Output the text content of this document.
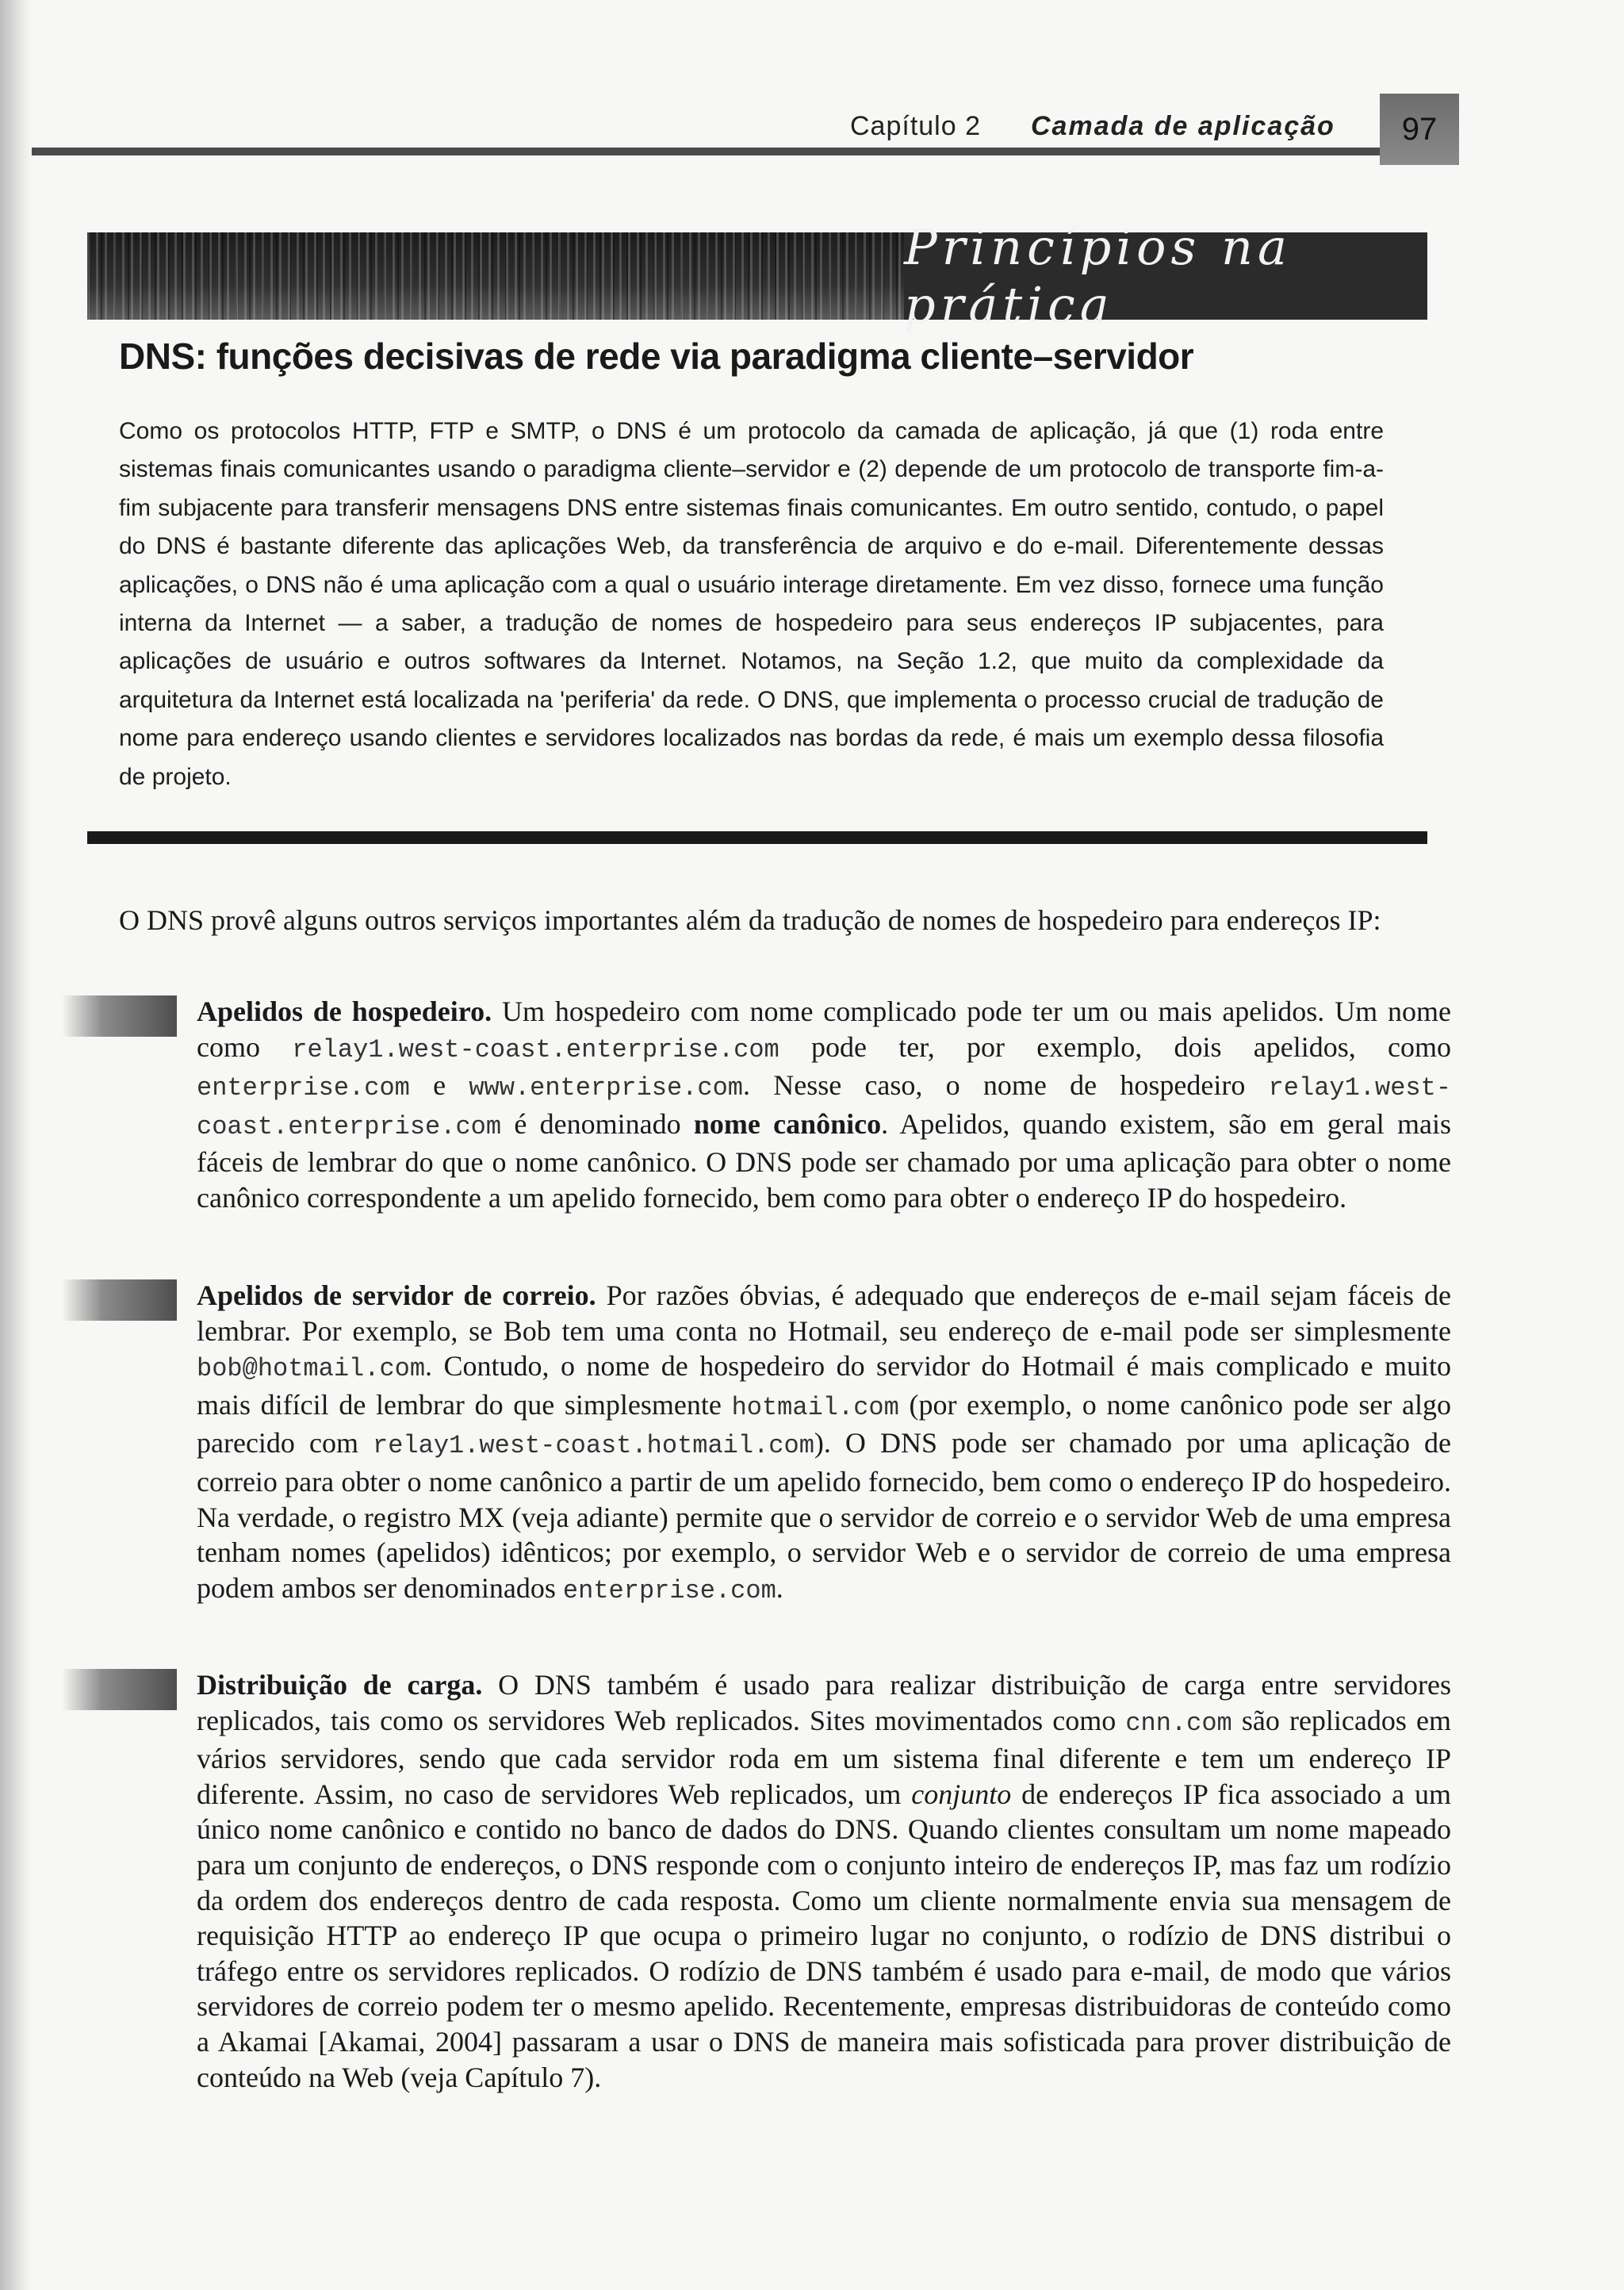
Capítulo 2 Camada de aplicação	97
Princípios na prática
DNS: funções decisivas de rede via paradigma cliente–servidor

Como os protocolos HTTP, FTP e SMTP, o DNS é um protocolo da camada de aplicação, já que (1) roda entre sistemas finais comunicantes usando o paradigma cliente–servidor e (2) depende de um protocolo de transporte fim-a-fim subjacente para transferir mensagens DNS entre sistemas finais comunicantes. Em outro sentido, contudo, o papel do DNS é bastante diferente das aplicações Web, da transferência de arquivo e do e-mail. Diferentemente dessas aplicações, o DNS não é uma aplicação com a qual o usuário interage diretamente. Em vez disso, fornece uma função interna da Internet — a saber, a tradução de nomes de hospedeiro para seus endereços IP subjacentes, para aplicações de usuário e outros softwares da Internet. Notamos, na Seção 1.2, que muito da complexidade da arquitetura da Internet está localizada na 'periferia' da rede. O DNS, que implementa o processo crucial de tradução de nome para endereço usando clientes e servidores localizados nas bordas da rede, é mais um exemplo dessa filosofia de projeto.

O DNS provê alguns outros serviços importantes além da tradução de nomes de hospedeiro para endereços IP:

Apelidos de hospedeiro. Um hospedeiro com nome complicado pode ter um ou mais apelidos. Um nome como relay1.west-coast.enterprise.com pode ter, por exemplo, dois apelidos, como enterprise.com e www.enterprise.com. Nesse caso, o nome de hospedeiro relay1.west-coast.enterprise.com é denominado nome canônico. Apelidos, quando existem, são em geral mais fáceis de lembrar do que o nome canônico. O DNS pode ser chamado por uma aplicação para obter o nome canônico correspondente a um apelido fornecido, bem como para obter o endereço IP do hospedeiro.

Apelidos de servidor de correio. Por razões óbvias, é adequado que endereços de e-mail sejam fáceis de lembrar. Por exemplo, se Bob tem uma conta no Hotmail, seu endereço de e-mail pode ser simplesmente bob@hotmail.com. Contudo, o nome de hospedeiro do servidor do Hotmail é mais complicado e muito mais difícil de lembrar do que simplesmente hotmail.com (por exemplo, o nome canônico pode ser algo parecido com relay1.west-coast.hotmail.com). O DNS pode ser chamado por uma aplicação de correio para obter o nome canônico a partir de um apelido fornecido, bem como o endereço IP do hospedeiro. Na verdade, o registro MX (veja adiante) permite que o servidor de correio e o servidor Web de uma empresa tenham nomes (apelidos) idênticos; por exemplo, o servidor Web e o servidor de correio de uma empresa podem ambos ser denominados enterprise.com.

Distribuição de carga. O DNS também é usado para realizar distribuição de carga entre servidores replicados, tais como os servidores Web replicados. Sites movimentados como cnn.com são replicados em vários servidores, sendo que cada servidor roda em um sistema final diferente e tem um endereço IP diferente. Assim, no caso de servidores Web replicados, um conjunto de endereços IP fica associado a um único nome canônico e contido no banco de dados do DNS. Quando clientes consultam um nome mapeado para um conjunto de endereços, o DNS responde com o conjunto inteiro de endereços IP, mas faz um rodízio da ordem dos endereços dentro de cada resposta. Como um cliente normalmente envia sua mensagem de requisição HTTP ao endereço IP que ocupa o primeiro lugar no conjunto, o rodízio de DNS distribui o tráfego entre os servidores replicados. O rodízio de DNS também é usado para e-mail, de modo que vários servidores de correio podem ter o mesmo apelido. Recentemente, empresas distribuidoras de conteúdo como a Akamai [Akamai, 2004] passaram a usar o DNS de maneira mais sofisticada para prover distribuição de conteúdo na Web (veja Capítulo 7).
